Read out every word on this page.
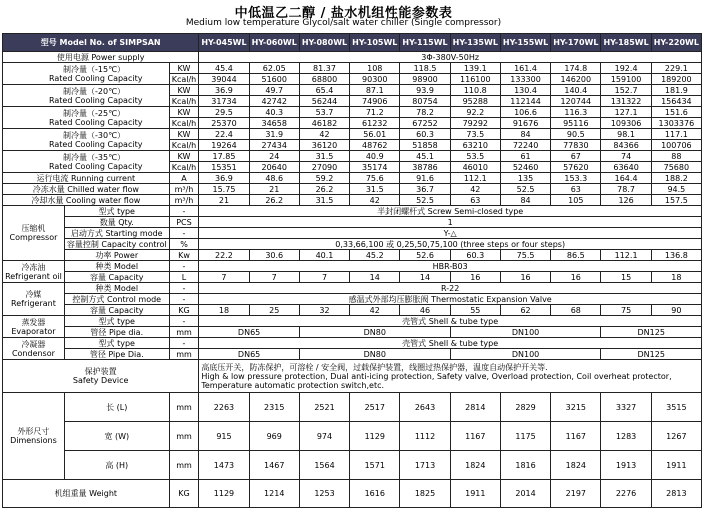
中低温乙二醇 / 盐水机组性能参数表
Medium low temperature Glycol/salt water chiller (Single compressor)
型号 Model No. of SIMPSAN			HY-045WL	HY-060WL	HY-080WL	HY-105WL	HY-115WL	HY-135WL	HY-155WL	HY-170WL	HY-185WL	HY-220WL
使用电源 Power supply			3Φ-380V-50Hz									

制冷量（-15℃）
Rated Cooling Capacity		KW	45.4	62.05	81.37	108	118.5	139.1	161.4	174.8	192.4	229.1
		Kcal/h	39044	51600	68800	90300	98900	116100	133300	146200	159100	189200

制冷量（-20℃）
Rated Cooling Capacity		KW	36.9	49.7	65.4	87.1	93.9	110.8	130.4	140.4	152.7	181.9
		Kcal/h	31734	42742	56244	74906	80754	95288	112144	120744	131322	156434

制冷量（-25℃）
Rated Cooling Capacity		KW	29.5	40.3	53.7	71.2	78.2	92.2	106.6	116.3	127.1	151.6
		Kcal/h	25370	34658	46182	61232	67252	79292	91676	95116	109306	1303376

制冷量（-30℃）
Rated Cooling Capacity		KW	22.4	31.9	42	56.01	60.3	73.5	84	90.5	98.1	117.1
		Kcal/h	19264	27434	36120	48762	51858	63210	72240	77830	84366	100706

制冷量（-35℃）
Rated Cooling Capacity		KW	17.85	24	31.5	40.9	45.1	53.5	61	67	74	88
		Kcal/h	15351	20640	27090	35174	38786	46010	52460	57620	63640	75680
运行电流 Running current		A	36.9	48.6	59.2	75.6	91.6	112.1	135	153.3	164.4	188.2
冷冻水量 Chilled water flow		m³/h	15.75	21	26.2	31.5	36.7	42	52.5	63	78.7	94.5
冷却水量 Cooling water flow		m³/h	21	26.2	31.5	42	52.5	63	84	105	126	157.5
压缩机
Compressor	型式 type	-	半封闭螺杆式 Screw Semi-closed type									
	数量 Qty.	PCS	1									
	启动方式 Starting mode	-	Y-△									
	容量控制 Capacity control	%	0,33,66,100 或 0,25,50,75,100 (three steps or four steps)									
	功率 Power	Kw	22.2	30.6	40.1	45.2	52.6	60.3	75.5	86.5	112.1	136.8
冷冻油
Refrigerant oil	种类 Model	-	HBR-B03									
	容量 Capacity	L	7	7	7	14	14	16	16	16	15	18
冷媒
Refrigerant	种类 Model	-	R-22									
	控制方式 Control mode	-	感温式外部均压膨胀阀 Thermostatic Expansion Valve									
	容量 Capacity	KG	18	25	32	42	46	55	62	68	75	90
蒸发器
Evaporator	型式 type	-	壳管式 Shell & tube type									
	管径 Pipe dia.	mm	DN65		DN80			DN100			DN125	
冷凝器
Condensor	型式 type	-	壳管式 Shell & tube type									
	管径 Pipe Dia.	mm	DN65		DN80			DN100			DN125	
保护装置
Safety Device			高底压开关，防冻保护，可溶栓 / 安全阀，过载保护装置，线圈过热保护器，温度自动保护开关等．
High & low pressure protection, Dual anti-icing protection, Safety valve, Overload protection, Coil overheat protector, Temperature automatic protection switch,etc.									
外形尺寸
Dimensions	长 (L)	mm	2263	2315	2521	2517	2643	2814	2829	3215	3327	3515
	宽 (W)	mm	915	969	974	1129	1112	1167	1175	1167	1283	1267
	高 (H)	mm	1473	1467	1564	1571	1713	1824	1816	1824	1913	1911
机组重量 Weight		KG	1129	1214	1253	1616	1825	1911	2014	2197	2276	2813
